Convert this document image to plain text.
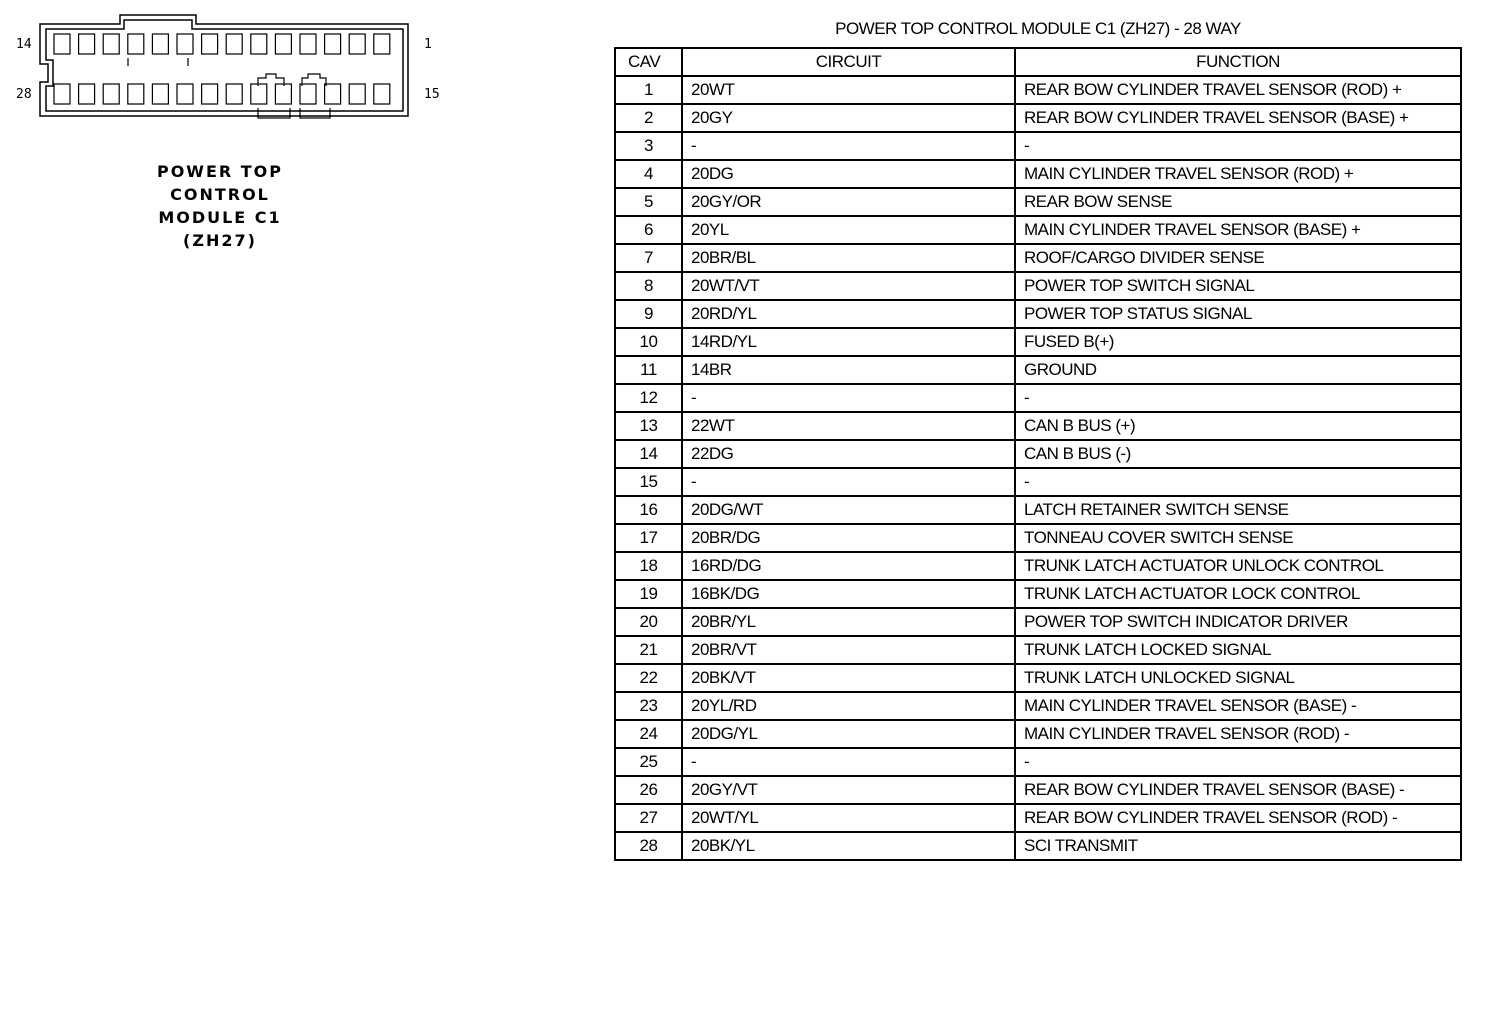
14	1
28	15
POWER TOP
CONTROL
MODULE C1
(ZH27)
POWER TOP CONTROL MODULE C1 (ZH27) - 28 WAY
CAV	CIRCUIT	FUNCTION
1	20WT	REAR BOW CYLINDER TRAVEL SENSOR (ROD) +
2	20GY	REAR BOW CYLINDER TRAVEL SENSOR (BASE) +
3	-	-
4	20DG	MAIN CYLINDER TRAVEL SENSOR (ROD) +
5	20GY/OR	REAR BOW SENSE
6	20YL	MAIN CYLINDER TRAVEL SENSOR (BASE) +
7	20BR/BL	ROOF/CARGO DIVIDER SENSE
8	20WT/VT	POWER TOP SWITCH SIGNAL
9	20RD/YL	POWER TOP STATUS SIGNAL
10	14RD/YL	FUSED B(+)
11	14BR	GROUND
12	-	-
13	22WT	CAN B BUS (+)
14	22DG	CAN B BUS (-)
15	-	-
16	20DG/WT	LATCH RETAINER SWITCH SENSE
17	20BR/DG	TONNEAU COVER SWITCH SENSE
18	16RD/DG	TRUNK LATCH ACTUATOR UNLOCK CONTROL
19	16BK/DG	TRUNK LATCH ACTUATOR LOCK CONTROL
20	20BR/YL	POWER TOP SWITCH INDICATOR DRIVER
21	20BR/VT	TRUNK LATCH LOCKED SIGNAL
22	20BK/VT	TRUNK LATCH UNLOCKED SIGNAL
23	20YL/RD	MAIN CYLINDER TRAVEL SENSOR (BASE) -
24	20DG/YL	MAIN CYLINDER TRAVEL SENSOR (ROD) -
25	-	-
26	20GY/VT	REAR BOW CYLINDER TRAVEL SENSOR (BASE) -
27	20WT/YL	REAR BOW CYLINDER TRAVEL SENSOR (ROD) -
28	20BK/YL	SCI TRANSMIT
